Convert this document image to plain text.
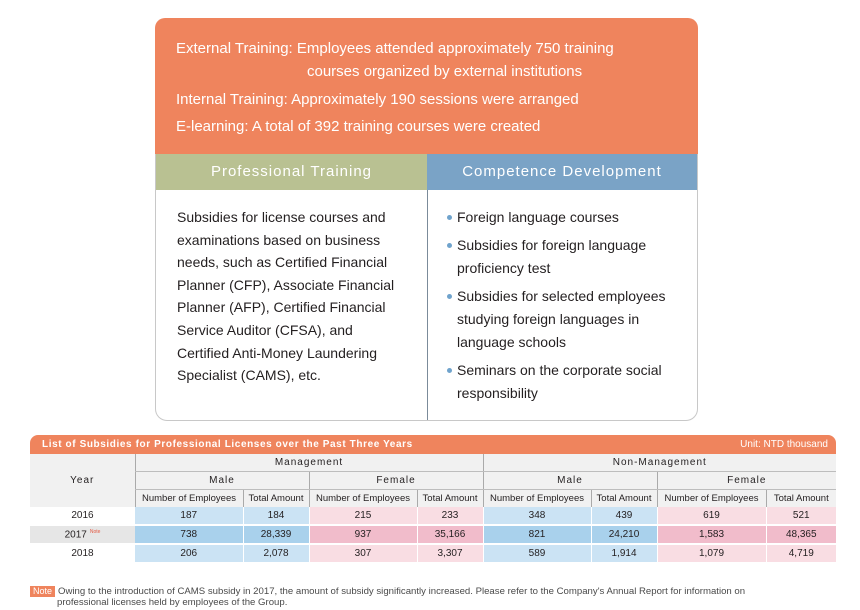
External Training: Employees attended approximately 750 training
courses organized by external institutions
Internal Training: Approximately 190 sessions were arranged
E-learning: A total of 392 training courses were created
Professional Training	Competence Development
Subsidies for license courses and
examinations based on business
needs, such as Certified Financial
Planner (CFP), Associate Financial
Planner (AFP), Certified Financial
Service Auditor (CFSA), and
Certified Anti-Money Laundering
Specialist (CAMS), etc.
Foreign language courses
Subsidies for foreign language
proficiency test
Subsidies for selected employees
studying foreign languages in
language schools
Seminars on the corporate social
responsibility
List of Subsidies for Professional Licenses over the Past Three Years	Unit: NTD thousand
Year	Management				Non-Management			
	Male		Female		Male		Female	
	Number of Employees	Total Amount	Number of Employees	Total Amount	Number of Employees	Total Amount	Number of Employees	Total Amount
2016	187	184	215	233	348	439	619	521
2017 $^{Note}$	738	28,339	937	35,166	821	24,210	1,583	48,365
2018	206	2,078	307	3,307	589	1,914	1,079	4,719
Note Owing to the introduction of CAMS subsidy in 2017, the amount of subsidy significantly increased. Please refer to the Company's Annual Report for information on
professional licenses held by employees of the Group.
